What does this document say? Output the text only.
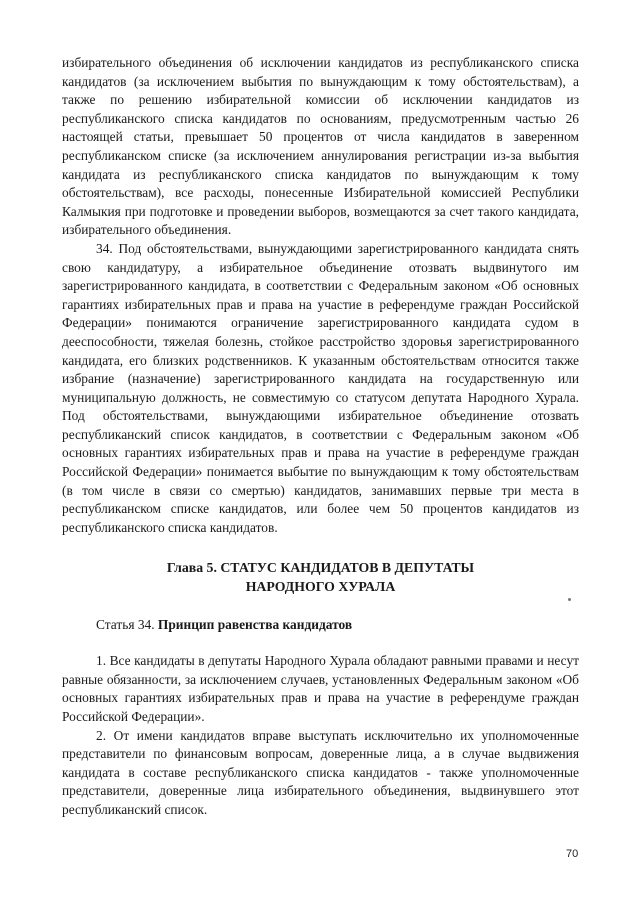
избирательного объединения об исключении кандидатов из республиканского списка кандидатов (за исключением выбытия по вынуждающим к тому обстоятельствам), а также по решению избирательной комиссии об исключении кандидатов из республиканского списка кандидатов по основаниям, предусмотренным частью 26 настоящей статьи, превышает 50 процентов от числа кандидатов в заверенном республиканском списке (за исключением аннулирования регистрации из-за выбытия кандидата из республиканского списка кандидатов по вынуждающим к тому обстоятельствам), все расходы, понесенные Избирательной комиссией Республики Калмыкия при подготовке и проведении выборов, возмещаются за счет такого кандидата, избирательного объединения.

34. Под обстоятельствами, вынуждающими зарегистрированного кандидата снять свою кандидатуру, а избирательное объединение отозвать выдвинутого им зарегистрированного кандидата, в соответствии с Федеральным законом «Об основных гарантиях избирательных прав и права на участие в референдуме граждан Российской Федерации» понимаются ограничение зарегистрированного кандидата судом в дееспособности, тяжелая болезнь, стойкое расстройство здоровья зарегистрированного кандидата, его близких родственников. К указанным обстоятельствам относится также избрание (назначение) зарегистрированного кандидата на государственную или муниципальную должность, не совместимую со статусом депутата Народного Хурала. Под обстоятельствами, вынуждающими избирательное объединение отозвать республиканский список кандидатов, в соответствии с Федеральным законом «Об основных гарантиях избирательных прав и права на участие в референдуме граждан Российской Федерации» понимается выбытие по вынуждающим к тому обстоятельствам (в том числе в связи со смертью) кандидатов, занимавших первые три места в республиканском списке кандидатов, или более чем 50 процентов кандидатов из республиканского списка кандидатов.

Глава 5. СТАТУС КАНДИДАТОВ В ДЕПУТАТЫ
НАРОДНОГО ХУРАЛА

Статья 34. Принцип равенства кандидатов

1. Все кандидаты в депутаты Народного Хурала обладают равными правами и несут равные обязанности, за исключением случаев, установленных Федеральным законом «Об основных гарантиях избирательных прав и права на участие в референдуме граждан Российской Федерации».

2. От имени кандидатов вправе выступать исключительно их уполномоченные представители по финансовым вопросам, доверенные лица, а в случае выдвижения кандидата в составе республиканского списка кандидатов - также уполномоченные представители, доверенные лица избирательного объединения, выдвинувшего этот республиканский список.

70
